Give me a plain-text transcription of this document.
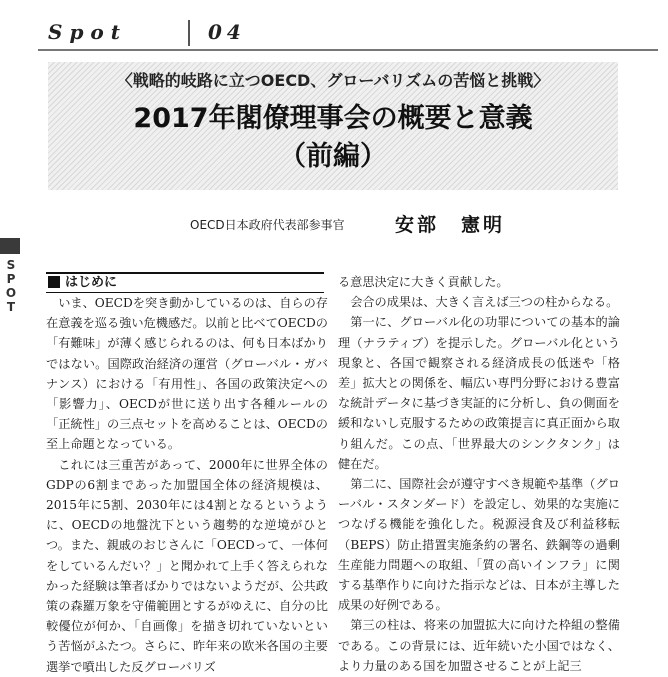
Spot	04
〈戦略的岐路に立つOECD、グローバリズムの苦悩と挑戦〉
2017年閣僚理事会の概要と意義
（前編）
OECD日本政府代表部参事官	安部　憲明
S
P
O
T
はじめに

いま、OECDを突き動かしているのは、自らの存在意義を巡る強い危機感だ。以前と比べてOECDの「有難味」が薄く感じられるのは、何も日本ばかりではない。国際政治経済の運営（グローバル・ガバナンス）における「有用性」、各国の政策決定への「影響力」、OECDが世に送り出す各種ルールの「正統性」の三点セットを高めることは、OECDの至上命題となっている。

これには三重苦があって、2000年に世界全体のGDPの6割まであった加盟国全体の経済規模は、2015年に5割、2030年には4割となるというように、OECDの地盤沈下という趨勢的な逆境がひとつ。また、親戚のおじさんに「OECDって、一体何をしているんだい？」と聞かれて上手く答えられなかった経験は筆者ばかりではないようだが、公共政策の森羅万象を守備範囲とするがゆえに、自分の比較優位が何か、「自画像」を描き切れていないという苦悩がふたつ。さらに、昨年来の欧米各国の主要選挙で噴出した反グローバリズ

る意思決定に大きく貢献した。

会合の成果は、大きく言えば三つの柱からなる。

第一に、グローバル化の功罪についての基本的論理（ナラティブ）を提示した。グローバル化という現象と、各国で観察される経済成長の低迷や「格差」拡大との関係を、幅広い専門分野における豊富な統計データに基づき実証的に分析し、負の側面を緩和ないし克服するための政策提言に真正面から取り組んだ。この点、「世界最大のシンクタンク」は健在だ。

第二に、国際社会が遵守すべき規範や基準（グローバル・スタンダード）を設定し、効果的な実施につなげる機能を強化した。税源浸食及び利益移転（BEPS）防止措置実施条約の署名、鉄鋼等の過剰生産能力問題への取組、「質の高いインフラ」に関する基準作りに向けた指示などは、日本が主導した成果の好例である。

第三の柱は、将来の加盟拡大に向けた枠組の整備である。この背景には、近年続いた小国ではなく、より力量のある国を加盟させることが上記三
